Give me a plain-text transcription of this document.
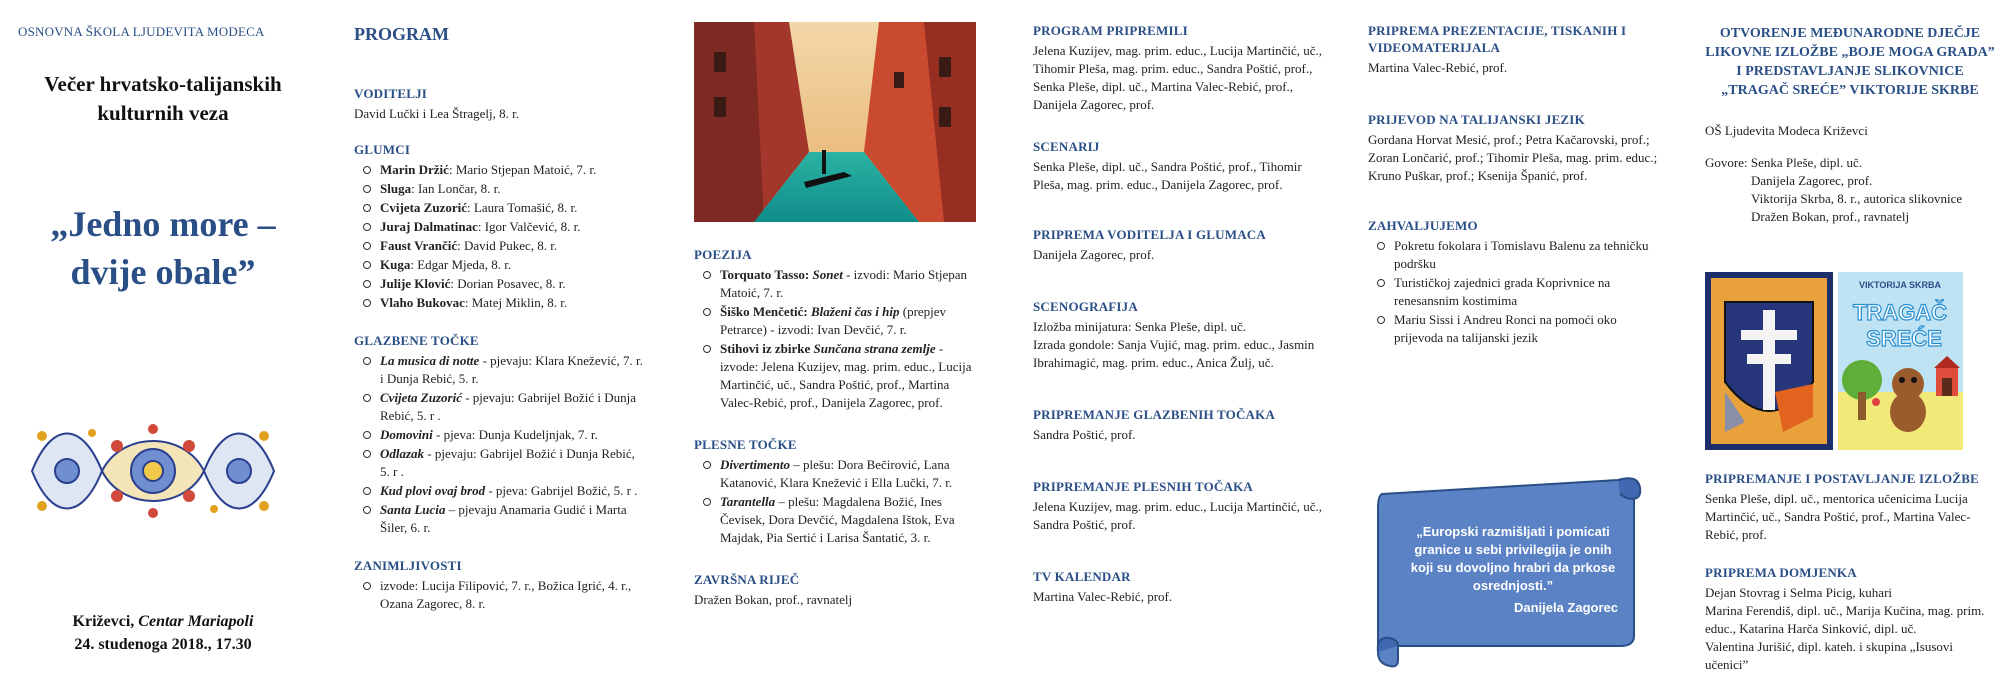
OSNOVNA ŠKOLA LJUDEVITA MODECA
Večer hrvatsko-talijanskih
kulturnih veza
„Jedno more –
dvije obale”
Križevci, Centar Mariapoli
24. studenoga 2018., 17.30
PROGRAM
VODITELJI

David Lučki i Lea Štragelj, 8. r.

GLUMCI
Marin Držić: Mario Stjepan Matoić, 7. r.
Sluga: Ian Lončar, 8. r.
Cvijeta Zuzorić: Laura Tomašić, 8. r.
Juraj Dalmatinac: Igor Valčević, 8. r.
Faust Vrančić: David Pukec, 8. r.
Kuga: Edgar Mjeda, 8. r.
Julije Klović: Dorian Posavec, 8. r.
Vlaho Bukovac: Matej Miklin, 8. r.
GLAZBENE TOČKE
La musica di notte - pjevaju: Klara Knežević, 7. r. i Dunja Rebić, 5. r.
Cvijeta Zuzorić - pjevaju: Gabrijel Božić i Dunja Rebić, 5. r .
Domovini - pjeva: Dunja Kudeljnjak, 7. r.
Odlazak - pjevaju: Gabrijel Božić i Dunja Rebić, 5. r .
Kud plovi ovaj brod - pjeva: Gabrijel Božić, 5. r .
Santa Lucia – pjevaju Anamaria Gudić i Marta Šiler, 6. r.
ZANIMLJIVOSTI
izvode: Lucija Filipović, 7. r., Božica Igrić, 4. r., Ozana Zagorec, 8. r.
POEZIJA
Torquato Tasso: Sonet - izvodi: Mario Stjepan Matoić, 7. r.
Šiško Menčetić: Blaženi čas i hip (prepjev Petrarce) - izvodi: Ivan Devčić, 7. r.
Stihovi iz zbirke Sunčana strana zemlje - izvode: Jelena Kuzijev, mag. prim. educ., Lucija Martinčić, uč., Sandra Poštić, prof., Martina Valec-Rebić, prof., Danijela Zagorec, prof.
PLESNE TOČKE
Divertimento – plešu: Dora Bečirović, Lana Katanović, Klara Knežević i Ella Lučki, 7. r.
Tarantella – plešu: Magdalena Božić, Ines Čevisek, Dora Devčić, Magdalena Ištok, Eva Majdak, Pia Sertić i Larisa Šantatić, 3. r.
ZAVRŠNA RIJEČ

Dražen Bokan, prof., ravnatelj

PROGRAM PRIPREMILI

Jelena Kuzijev, mag. prim. educ., Lucija Martinčić, uč., Tihomir Pleša, mag. prim. educ., Sandra Poštić, prof., Senka Pleše, dipl. uč., Martina Valec-Rebić, prof., Danijela Zagorec, prof.

SCENARIJ

Senka Pleše, dipl. uč., Sandra Poštić, prof., Tihomir Pleša, mag. prim. educ., Danijela Zagorec, prof.

PRIPREMA VODITELJA I GLUMACA

Danijela Zagorec, prof.

SCENOGRAFIJA

Izložba minijatura: Senka Pleše, dipl. uč.

Izrada gondole: Sanja Vujić, mag. prim. educ., Jasmin Ibrahimagić, mag. prim. educ., Anica Žulj, uč.

PRIPREMANJE GLAZBENIH TOČAKA

Sandra Poštić, prof.

PRIPREMANJE PLESNIH TOČAKA

Jelena Kuzijev, mag. prim. educ., Lucija Martinčić, uč., Sandra Poštić, prof.

TV KALENDAR

Martina Valec-Rebić, prof.

PRIPREMA PREZENTACIJE, TISKANIH I VIDEOMATERIJALA

Martina Valec-Rebić, prof.

PRIJEVOD NA TALIJANSKI JEZIK

Gordana Horvat Mesić, prof.; Petra Kačarovski, prof.; Zoran Lončarić, prof.; Tihomir Pleša, mag. prim. educ.; Kruno Puškar, prof.; Ksenija Španić, prof.

ZAHVALJUJEMO
Pokretu fokolara i Tomislavu Balenu za tehničku podršku
Turističkoj zajednici grada Koprivnice na renesansnim kostimima
Mariu Sissi i Andreu Ronci na pomoći oko prijevoda na talijanski jezik
„Europski razmišljati i pomicati granice u sebi privilegija je onih koji su dovoljno hrabri da prkose osrednjosti.”
Danijela Zagorec
OTVORENJE MEĐUNARODNE DJEČJE LIKOVNE IZLOŽBE „BOJE MOGA GRADA” I PREDSTAVLJANJE SLIKOVNICE „TRAGAČ SREĆE” VIKTORIJE SKRBE

OŠ Ljudevita Modeca Križevci

Govore: Senka Pleše, dipl. uč.

Danijela Zagorec, prof.

Viktorija Skrba, 8. r., autorica slikovnice

Dražen Bokan, prof., ravnatelj

VIKTORIJA SKRBA
TRAGAČ
SREĆE
PRIPREMANJE I POSTAVLJANJE IZLOŽBE

Senka Pleše, dipl. uč., mentorica učenicima Lucija Martinčić, uč., Sandra Poštić, prof., Martina Valec-Rebić, prof.

PRIPREMA DOMJENKA

Dejan Stovrag i Selma Picig, kuhari

Marina Ferendiš, dipl. uč., Marija Kučina, mag. prim. educ., Katarina Harča Sinković, dipl. uč.

Valentina Jurišić, dipl. kateh. i skupina „Isusovi učenici”
